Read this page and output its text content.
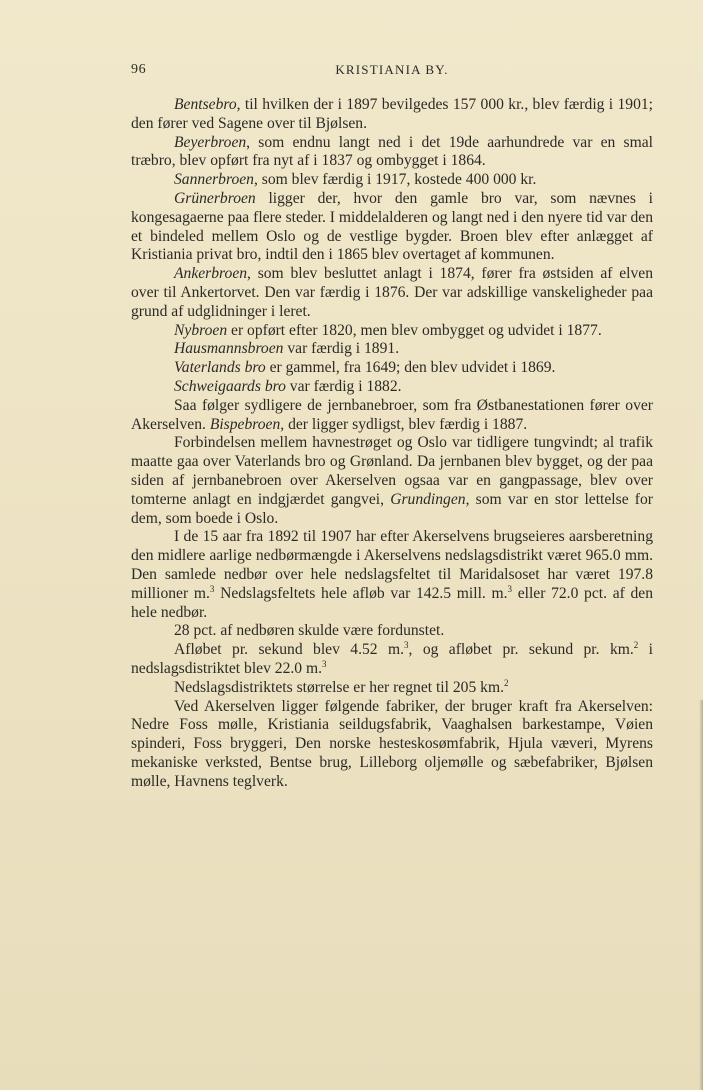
96	KRISTIANIA BY.

Bentsebro, til hvilken der i 1897 bevilgedes 157 000 kr., blev færdig i 1901; den fører ved Sagene over til Bjølsen.

Beyerbroen, som endnu langt ned i det 19de aarhundrede var en smal træbro, blev opført fra nyt af i 1837 og ombygget i 1864.

Sannerbroen, som blev færdig i 1917, kostede 400 000 kr.

Grünerbroen ligger der, hvor den gamle bro var, som nævnes i kongesagaerne paa flere steder. I middelalderen og langt ned i den nyere tid var den et bindeled mellem Oslo og de vestlige bygder. Broen blev efter anlægget af Kristiania privat bro, indtil den i 1865 blev overtaget af kommunen.

Ankerbroen, som blev besluttet anlagt i 1874, fører fra østsiden af elven over til Ankertorvet. Den var færdig i 1876. Der var adskillige vanskeligheder paa grund af udglidninger i leret.

Nybroen er opført efter 1820, men blev ombygget og udvidet i 1877.

Hausmannsbroen var færdig i 1891.

Vaterlands bro er gammel, fra 1649; den blev udvidet i 1869.

Schweigaards bro var færdig i 1882.

Saa følger sydligere de jernbanebroer, som fra Østbanestationen fører over Akerselven. Bispebroen, der ligger sydligst, blev færdig i 1887.

Forbindelsen mellem havnestrøget og Oslo var tidligere tungvindt; al trafik maatte gaa over Vaterlands bro og Grønland. Da jernbanen blev bygget, og der paa siden af jernbanebroen over Akerselven ogsaa var en gangpassage, blev over tomterne anlagt en indgjærdet gangvei, Grundingen, som var en stor lettelse for dem, som boede i Oslo.

I de 15 aar fra 1892 til 1907 har efter Akerselvens brugseieres aarsberetning den midlere aarlige nedbørmængde i Akerselvens nedslagsdistrikt været 965.0 mm. Den samlede nedbør over hele nedslagsfeltet til Maridalsoset har været 197.8 millioner m.$^3$ Nedslagsfeltets hele afløb var 142.5 mill. m.$^3$ eller 72.0 pct. af den hele nedbør.

28 pct. af nedbøren skulde være fordunstet.

Afløbet pr. sekund blev 4.52 m.$^3$, og afløbet pr. sekund pr. km.$^2$ i nedslagsdistriktet blev 22.0 m.$^3$

Nedslagsdistriktets størrelse er her regnet til 205 km.$^2$

Ved Akerselven ligger følgende fabriker, der bruger kraft fra Akerselven: Nedre Foss mølle, Kristiania seildugsfabrik, Vaaghalsen barkestampe, Vøien spinderi, Foss bryggeri, Den norske hesteskosømfabrik, Hjula væveri, Myrens mekaniske verksted, Bentse brug, Lilleborg oljemølle og sæbefabriker, Bjølsen mølle, Havnens teglverk.
